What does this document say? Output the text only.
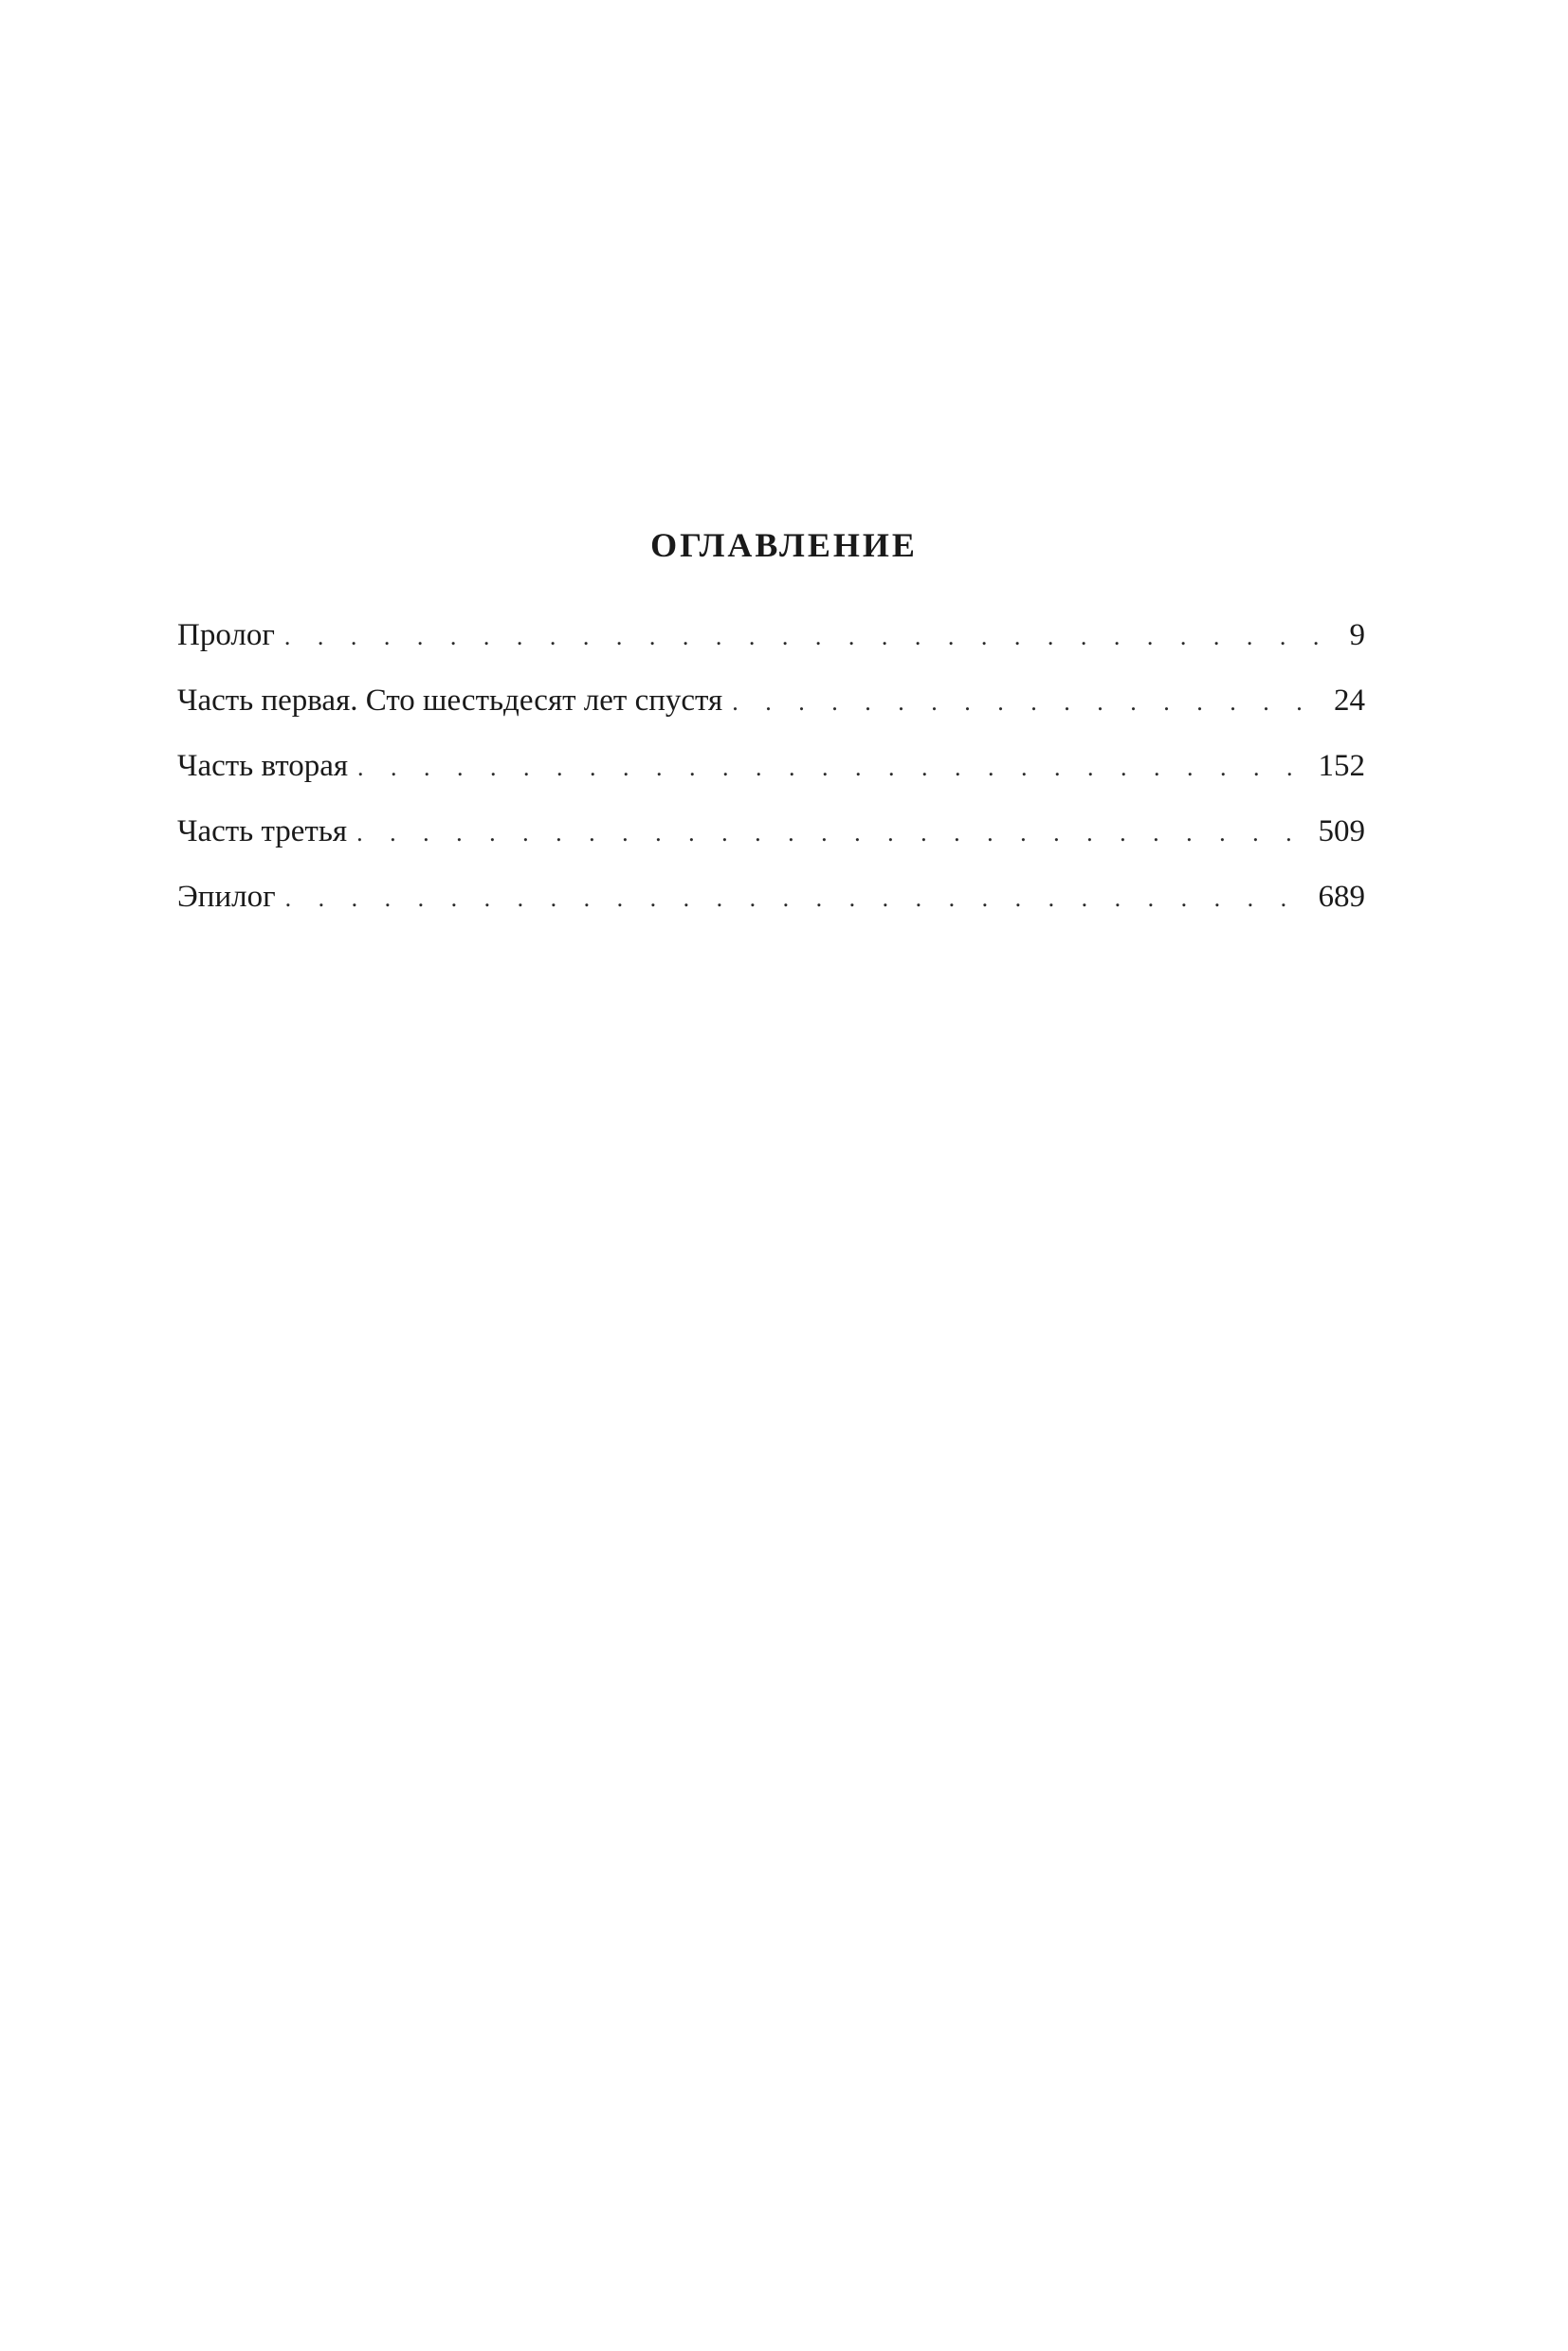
ОГЛАВЛЕНИЕ
Пролог . . .	9
Часть первая. Сто шестьдесят лет спустя . . .	24
Часть вторая . . .	152
Часть третья . . .	509
Эпилог . . .	689
